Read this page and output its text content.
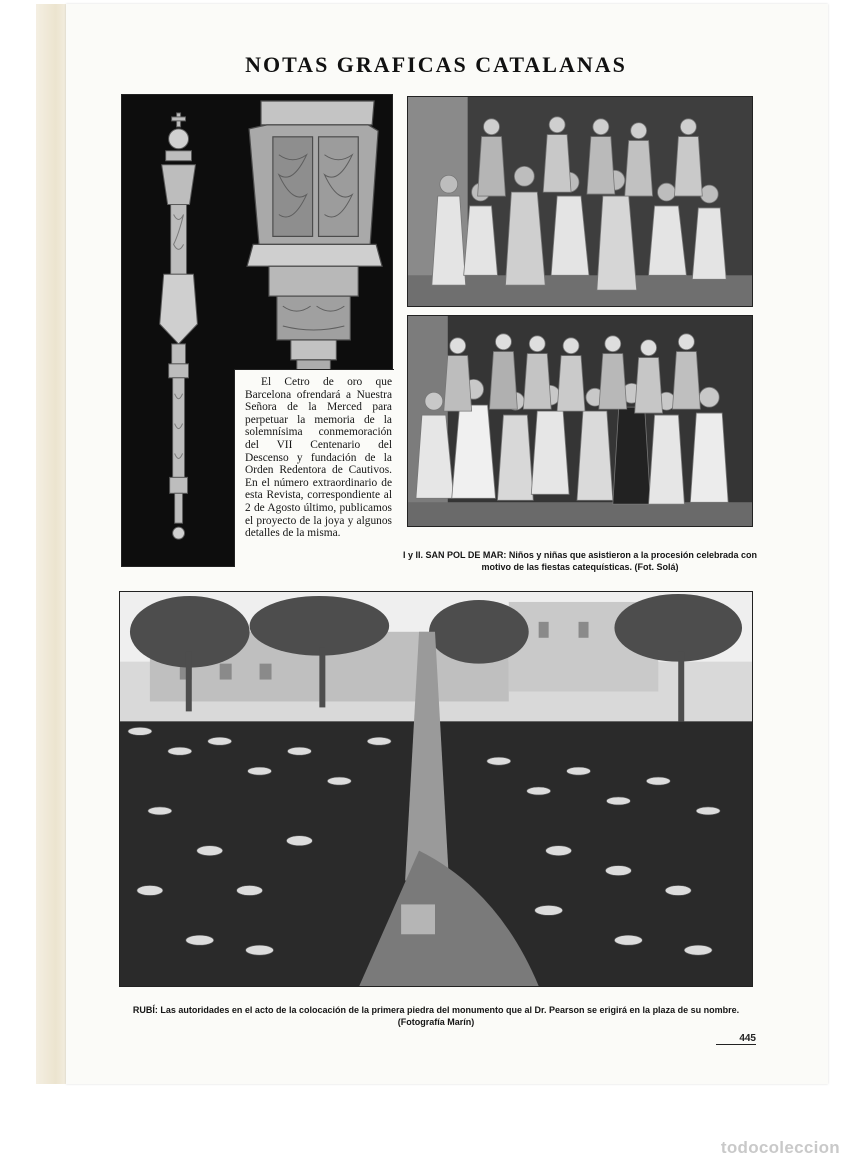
NOTAS GRAFICAS CATALANAS

El Cetro de oro que Barcelona ofrendará a Nuestra Señora de la Merced para perpetuar la memoria de la solemnísima conmemoración del VII Centenario del Descenso y fundación de la Orden Redentora de Cautivos. En el número extraordinario de esta Revista, correspondiente al 2 de Agosto último, publicamos el proyecto de la joya y algunos detalles de la misma.

I y II. SAN POL DE MAR: Niños y niñas que asistieron a la procesión celebrada con motivo de las fiestas catequísticas. (Fot. Solá)
RUBÍ: Las autoridades en el acto de la colocación de la primera piedra del monumento que al Dr. Pearson se erigirá en la plaza de su nombre. (Fotografía Marín)
445
todocoleccion
